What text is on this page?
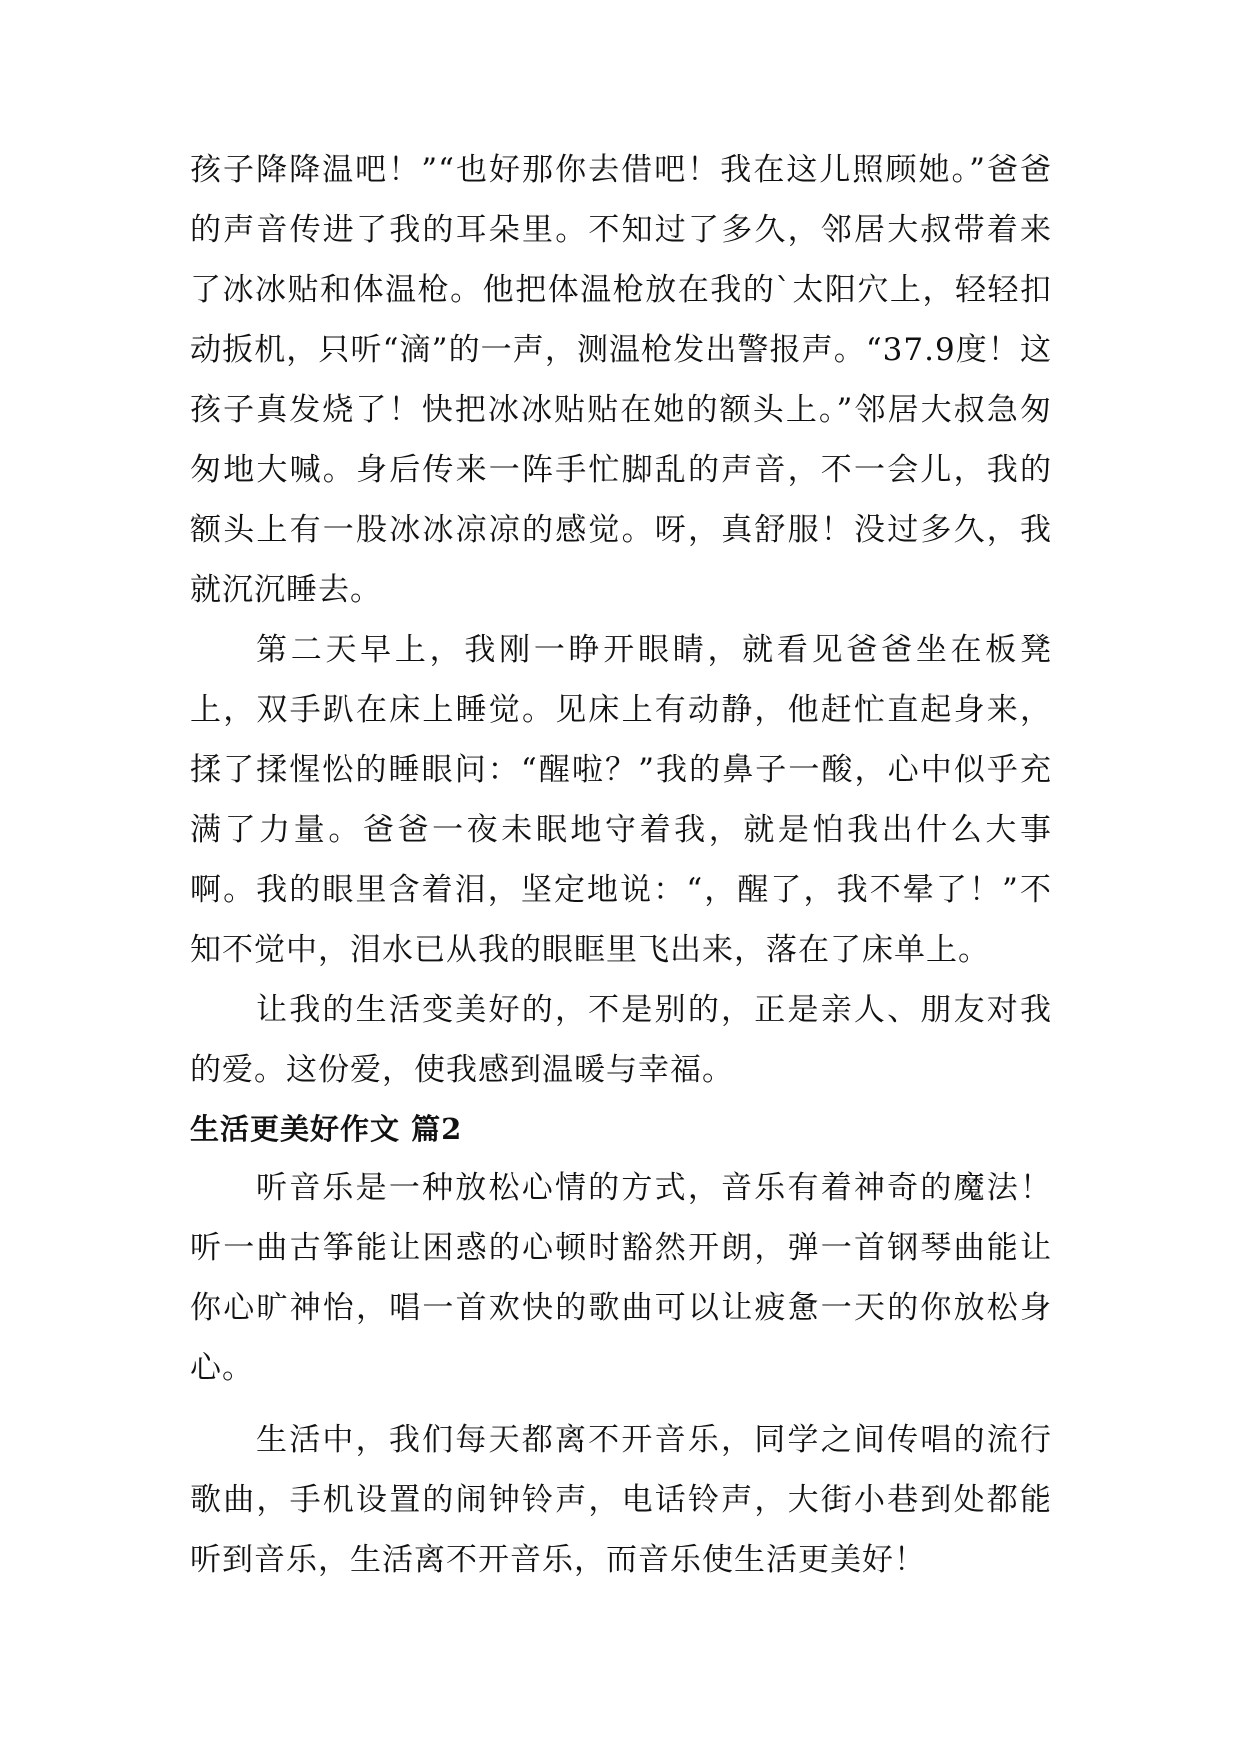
孩子降降温吧！”“也好那你去借吧！我在这儿照顾她。”爸爸的声音传进了我的耳朵里。不知过了多久，邻居大叔带着来了冰冰贴和体温枪。他把体温枪放在我的`太阳穴上，轻轻扣动扳机，只听“滴”的一声，测温枪发出警报声。“37.9度！这孩子真发烧了！快把冰冰贴贴在她的额头上。”邻居大叔急匆匆地大喊。身后传来一阵手忙脚乱的声音，不一会儿，我的额头上有一股冰冰凉凉的感觉。呀，真舒服！没过多久，我就沉沉睡去。

第二天早上，我刚一睁开眼睛，就看见爸爸坐在板凳上，双手趴在床上睡觉。见床上有动静，他赶忙直起身来，揉了揉惺忪的睡眼问：“醒啦？”我的鼻子一酸，心中似乎充满了力量。爸爸一夜未眠地守着我，就是怕我出什么大事啊。我的眼里含着泪，坚定地说：“，醒了，我不晕了！”不知不觉中，泪水已从我的眼眶里飞出来，落在了床单上。

让我的生活变美好的，不是别的，正是亲人、朋友对我的爱。这份爱，使我感到温暖与幸福。

生活更美好作文 篇2

听音乐是一种放松心情的方式，音乐有着神奇的魔法！听一曲古筝能让困惑的心顿时豁然开朗，弹一首钢琴曲能让你心旷神怡，唱一首欢快的歌曲可以让疲惫一天的你放松身心。

生活中，我们每天都离不开音乐，同学之间传唱的流行歌曲，手机设置的闹钟铃声，电话铃声，大街小巷到处都能听到音乐，生活离不开音乐，而音乐使生活更美好！
